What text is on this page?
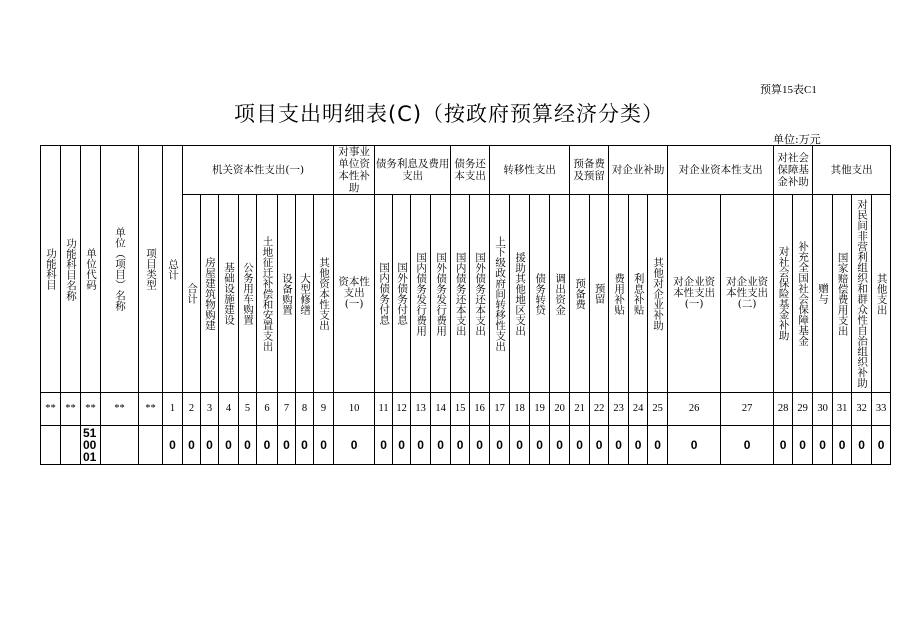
预算15表C1
项目支出明细表(C)（按政府预算经济分类）
单位:万元
功能科目	功能科目名称	单位代码	单位（项目）名称	项目类型	总计	机关资本性支出(一)								对事业单位资本性补助	债务利息及费用支出				债务还本支出		转移性支出				预备费及预留		对企业补助			对企业资本性支出		对社会保障基金补助		其他支出			

						合计	房屋建筑物购建	基础设施建设	公务用车购置	土地征迁补偿和安置支出	设备购置	大型修缮	其他资本性支出	资本性支出(一)	国内债务付息	国外债务付息	国内债务发行费用	国外债务发行费用	国内债务还本支出	国外债务还本支出	上下级政府间转移性支出	援助其他地区支出	债务转贷	调出资金	预备费	预留	费用补贴	利息补贴	其他对企业补助	对企业资本性支出(一)	对企业资本性支出(二)	对社会保险基金补助	补充全国社会保障基金	赠与	国家赔偿费用支出	对民间非营利组织和群众性自治组织补助	其他支出

**	**	**	**	**	1	2	3	4	5	6	7	8	9	10	11	12	13	14	15	16	17	18	19	20	21	22	23	24	25	26	27	28	29	30	31	32	33
		51
00
01			0	0	0	0	0	0	0	0	0	0	0	0	0	0	0	0	0	0	0	0	0	0	0	0	0	0	0	0	0	0	0	0	0
